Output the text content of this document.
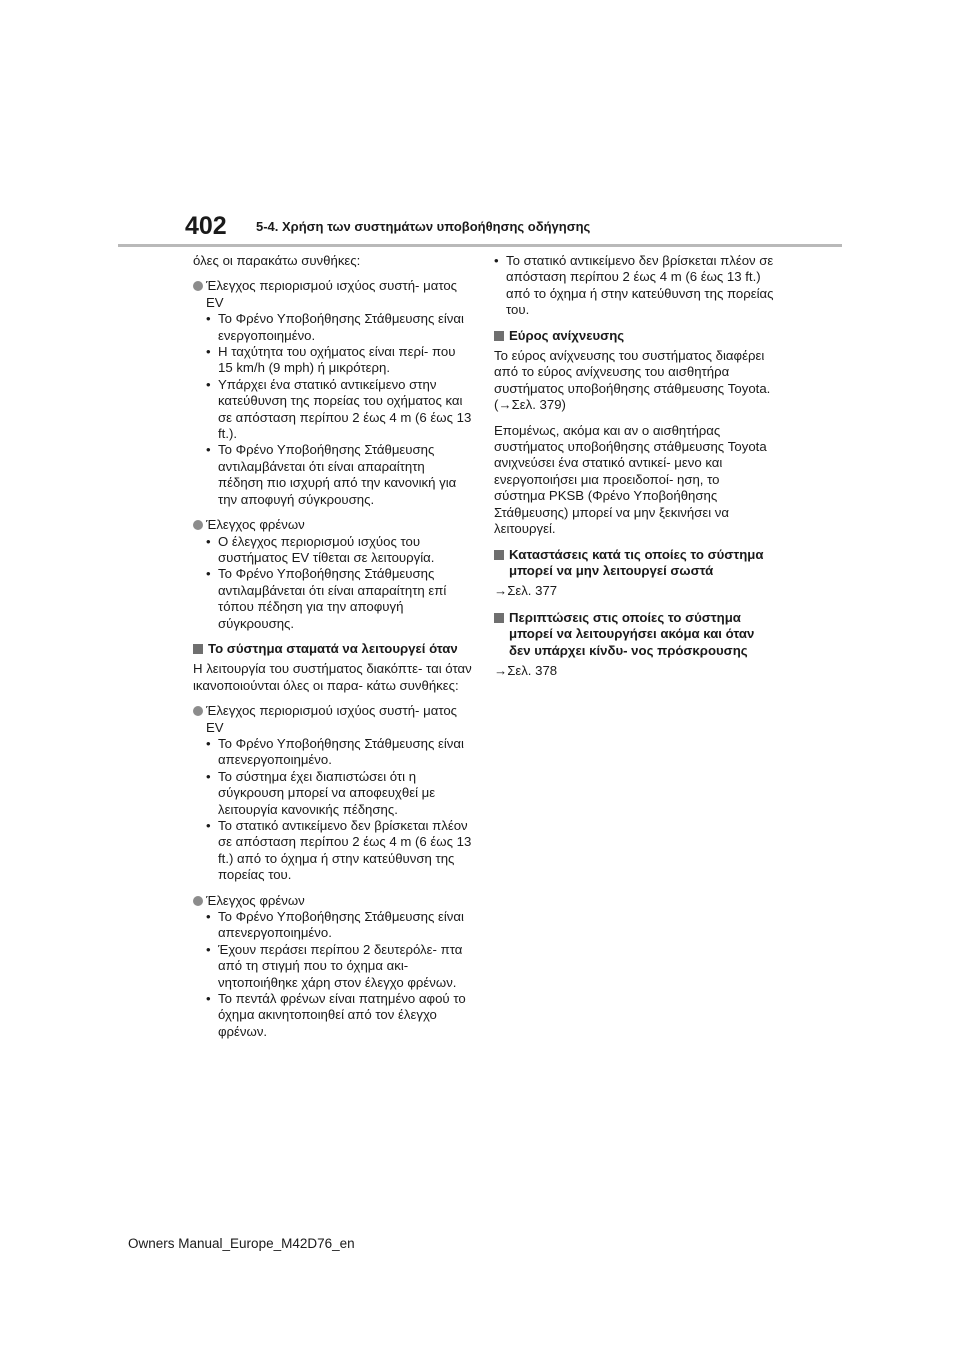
402 5-4. Χρήση των συστημάτων υποβοήθησης οδήγησης

όλες οι παρακάτω συνθήκες:

Έλεγχος περιορισμού ισχύος συστή- ματος EV

• Το Φρένο Υποβοήθησης Στάθμευσης είναι ενεργοποιημένο.
• Η ταχύτητα του οχήματος είναι περί- που 15 km/h (9 mph) ή μικρότερη.
• Υπάρχει ένα στατικό αντικείμενο στην κατεύθυνση της πορείας του οχήματος και σε απόσταση περίπου 2 έως 4 m (6 έως 13 ft.).
• Το Φρένο Υποβοήθησης Στάθμευσης αντιλαμβάνεται ότι είναι απαραίτητη πέδηση πιο ισχυρή από την κανονική για την αποφυγή σύγκρουσης.

Έλεγχος φρένων

• Ο έλεγχος περιορισμού ισχύος του συστήματος EV τίθεται σε λειτουργία.
• Το Φρένο Υποβοήθησης Στάθμευσης αντιλαμβάνεται ότι είναι απαραίτητη επί τόπου πέδηση για την αποφυγή σύγκρουσης.

Το σύστημα σταματά να λειτουργεί όταν

Η λειτουργία του συστήματος διακόπτε- ται όταν ικανοποιούνται όλες οι παρα- κάτω συνθήκες:

Έλεγχος περιορισμού ισχύος συστή- ματος EV

• Το Φρένο Υποβοήθησης Στάθμευσης είναι απενεργοποιημένο.
• Το σύστημα έχει διαπιστώσει ότι η σύγκρουση μπορεί να αποφευχθεί με λειτουργία κανονικής πέδησης.
• Το στατικό αντικείμενο δεν βρίσκεται πλέον σε απόσταση περίπου 2 έως 4 m (6 έως 13 ft.) από το όχημα ή στην κατεύθυνση της πορείας του.

Έλεγχος φρένων

• Το Φρένο Υποβοήθησης Στάθμευσης είναι απενεργοποιημένο.
• Έχουν περάσει περίπου 2 δευτερόλε- πτα από τη στιγμή που το όχημα ακι- νητοποιήθηκε χάρη στον έλεγχο φρένων.
• Το πεντάλ φρένων είναι πατημένο αφού το όχημα ακινητοποιηθεί από τον έλεγχο φρένων.
• Το στατικό αντικείμενο δεν βρίσκεται πλέον σε απόσταση περίπου 2 έως 4 m (6 έως 13 ft.) από το όχημα ή στην κατεύθυνση της πορείας του.

Εύρος ανίχνευσης

Το εύρος ανίχνευσης του συστήματος διαφέρει από το εύρος ανίχνευσης του αισθητήρα συστήματος υποβοήθησης στάθμευσης Toyota. (→Σελ. 379)

Επομένως, ακόμα και αν ο αισθητήρας συστήματος υποβοήθησης στάθμευσης Toyota ανιχνεύσει ένα στατικό αντικεί- μενο και ενεργοποιήσει μια προειδοποί- ηση, το σύστημα PKSB (Φρένο Υποβοήθησης Στάθμευσης) μπορεί να μην ξεκινήσει να λειτουργεί.

Καταστάσεις κατά τις οποίες το σύστημα μπορεί να μην λειτουργεί σωστά

→Σελ. 377

Περιπτώσεις στις οποίες το σύστημα μπορεί να λειτουργήσει ακόμα και όταν δεν υπάρχει κίνδυ- νος πρόσκρουσης

→Σελ. 378

Owners Manual_Europe_M42D76_en
